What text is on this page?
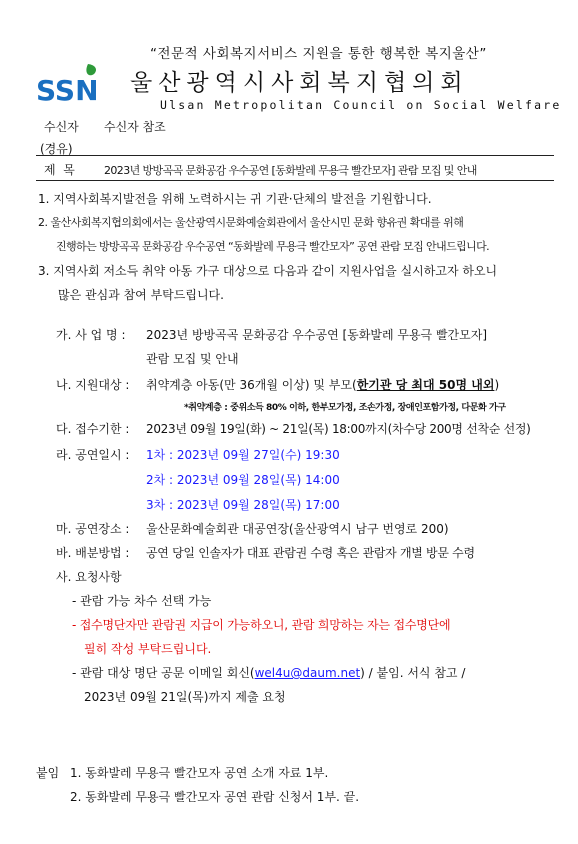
“전문적 사회복지서비스 지원을 통한 행복한 복지울산”
SSN 울산광역시사회복지협의회
Ulsan Metropolitan Council on Social Welfare
수신자 수신자 참조
(경유)
제  목	2023년 방방곡곡 문화공감 우수공연 [동화발레 무용극 빨간모자] 관람 모집 및 안내
1. 지역사회복지발전을 위해 노력하시는 귀 기관·단체의 발전을 기원합니다.
2. 울산사회복지협의회에서는 울산광역시문화예술회관에서 울산시민 문화 향유권 확대를 위해
진행하는 방방곡곡 문화공감 우수공연 “동화발레 무용극 빨간모자” 공연 관람 모집 안내드립니다.
3. 지역사회 저소득 취약 아동 가구 대상으로 다음과 같이 지원사업을 실시하고자 하오니
많은 관심과 참여 부탁드립니다.
가. 사 업 명 : 2023년 방방곡곡 문화공감 우수공연 [동화발레 무용극 빨간모자]
관람 모집 및 안내
나. 지원대상 : 취약계층 아동(만 36개월 이상) 및 부모(한기관 당 최대 50명 내외)
*취약계층 : 중위소득 80% 이하, 한부모가정, 조손가정, 장애인포함가정, 다문화 가구
다. 접수기한 : 2023년 09월 19일(화) ~ 21일(목) 18:00까지(차수당 200명 선착순 선정)
라. 공연일시 : 1차 : 2023년 09월 27일(수) 19:30
2차 : 2023년 09월 28일(목) 14:00
3차 : 2023년 09월 28일(목) 17:00
마. 공연장소 : 울산문화예술회관 대공연장(울산광역시 남구 번영로 200)
바. 배분방법 : 공연 당일 인솔자가 대표 관람권 수령 혹은 관람자 개별 방문 수령
사. 요청사항
- 관람 가능 차수 선택 가능
- 접수명단자만 관람권 지급이 가능하오니, 관람 희망하는 자는 접수명단에
필히 작성 부탁드립니다.
- 관람 대상 명단 공문 이메일 회신(wel4u@daum.net) / 붙임. 서식 참고 /
2023년 09월 21일(목)까지 제출 요청
붙임 1. 동화발레 무용극 빨간모자 공연 소개 자료 1부.
2. 동화발레 무용극 빨간모자 공연 관람 신청서 1부. 끝.
